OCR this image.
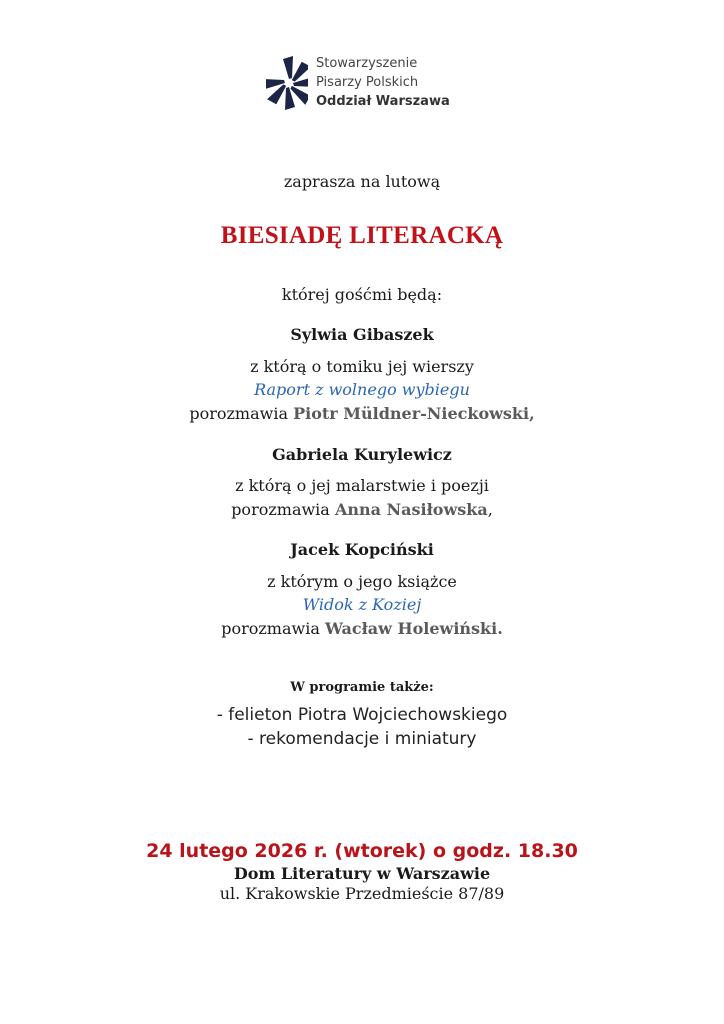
Stowarzyszenie
Pisarzy Polskich
Oddział Warszawa
zaprasza na lutową
BIESIADĘ LITERACKĄ
której gośćmi będą:
Sylwia Gibaszek
z którą o tomiku jej wierszy
Raport z wolnego wybiegu
porozmawia Piotr Müldner-Nieckowski,
Gabriela Kurylewicz
z którą o jej malarstwie i poezji
porozmawia Anna Nasiłowska,
Jacek Kopciński
z którym o jego książce
Widok z Koziej
porozmawia Wacław Holewiński.
W programie także:
- felieton Piotra Wojciechowskiego
- rekomendacje i miniatury
24 lutego 2026 r. (wtorek) o godz. 18.30
Dom Literatury w Warszawie
ul. Krakowskie Przedmieście 87/89
